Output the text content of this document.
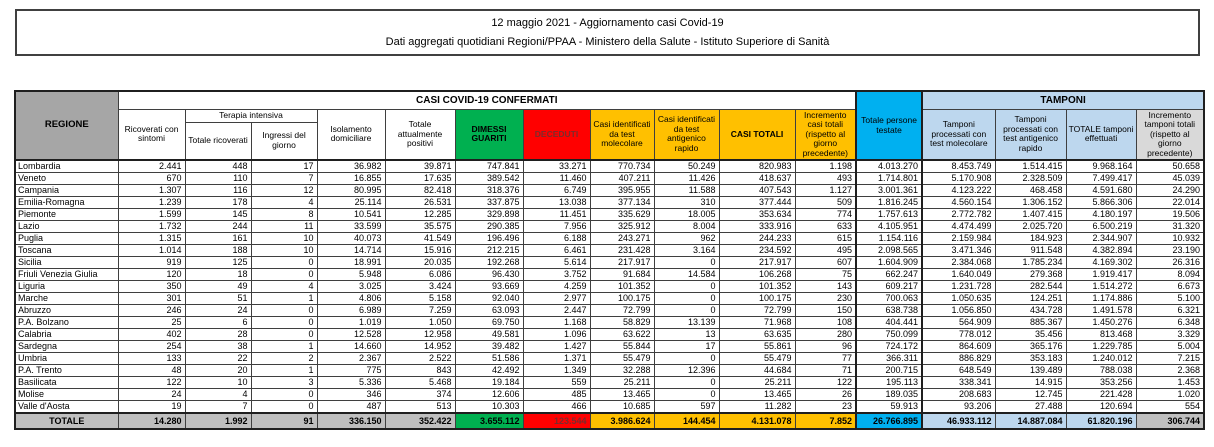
12 maggio 2021 - Aggiornamento casi Covid-19
Dati aggregati quotidiani Regioni/PPAA - Ministero della Salute - Istituto Superiore di Sanità
REGIONE	CASI COVID-19 CONFERMATI											Totale persone testate	TAMPONI			
	Ricoverati con sintomi	Terapia intensiva		Isolamento domiciliare	Totale attualmente positivi	DIMESSI GUARITI	DECEDUTI	Casi identificati da test molecolare	Casi identificati da test antigenico rapido	CASI TOTALI	Incremento casi totali (rispetto al giorno precedente)		Tamponi processati con test molecolare	Tamponi processati con test antigenico rapido	TOTALE tamponi effettuati	Incremento tamponi totali (rispetto al giorno precedente)
		Totale ricoverati	Ingressi del giorno													
Lombardia	2.441	448	17	36.982	39.871	747.841	33.271	770.734	50.249	820.983	1.198	4.013.270	8.453.749	1.514.415	9.968.164	50.658
Veneto	670	110	7	16.855	17.635	389.542	11.460	407.211	11.426	418.637	493	1.714.801	5.170.908	2.328.509	7.499.417	45.039
Campania	1.307	116	12	80.995	82.418	318.376	6.749	395.955	11.588	407.543	1.127	3.001.361	4.123.222	468.458	4.591.680	24.290
Emilia-Romagna	1.239	178	4	25.114	26.531	337.875	13.038	377.134	310	377.444	509	1.816.245	4.560.154	1.306.152	5.866.306	22.014
Piemonte	1.599	145	8	10.541	12.285	329.898	11.451	335.629	18.005	353.634	774	1.757.613	2.772.782	1.407.415	4.180.197	19.506
Lazio	1.732	244	11	33.599	35.575	290.385	7.956	325.912	8.004	333.916	633	4.105.951	4.474.499	2.025.720	6.500.219	31.320
Puglia	1.315	161	10	40.073	41.549	196.496	6.188	243.271	962	244.233	615	1.154.116	2.159.984	184.923	2.344.907	10.932
Toscana	1.014	188	10	14.714	15.916	212.215	6.461	231.428	3.164	234.592	495	2.098.565	3.471.346	911.548	4.382.894	23.190
Sicilia	919	125	0	18.991	20.035	192.268	5.614	217.917	0	217.917	607	1.604.909	2.384.068	1.785.234	4.169.302	26.316
Friuli Venezia Giulia	120	18	0	5.948	6.086	96.430	3.752	91.684	14.584	106.268	75	662.247	1.640.049	279.368	1.919.417	8.094
Liguria	350	49	4	3.025	3.424	93.669	4.259	101.352	0	101.352	143	609.217	1.231.728	282.544	1.514.272	6.673
Marche	301	51	1	4.806	5.158	92.040	2.977	100.175	0	100.175	230	700.063	1.050.635	124.251	1.174.886	5.100
Abruzzo	246	24	0	6.989	7.259	63.093	2.447	72.799	0	72.799	150	638.738	1.056.850	434.728	1.491.578	6.321
P.A. Bolzano	25	6	0	1.019	1.050	69.750	1.168	58.829	13.139	71.968	108	404.441	564.909	885.367	1.450.276	6.348
Calabria	402	28	0	12.528	12.958	49.581	1.096	63.622	13	63.635	280	750.099	778.012	35.456	813.468	3.329
Sardegna	254	38	1	14.660	14.952	39.482	1.427	55.844	17	55.861	96	724.172	864.609	365.176	1.229.785	5.004
Umbria	133	22	2	2.367	2.522	51.586	1.371	55.479	0	55.479	77	366.311	886.829	353.183	1.240.012	7.215
P.A. Trento	48	20	1	775	843	42.492	1.349	32.288	12.396	44.684	71	200.715	648.549	139.489	788.038	2.368
Basilicata	122	10	3	5.336	5.468	19.184	559	25.211	0	25.211	122	195.113	338.341	14.915	353.256	1.453
Molise	24	4	0	346	374	12.606	485	13.465	0	13.465	26	189.035	208.683	12.745	221.428	1.020
Valle d'Aosta	19	7	0	487	513	10.303	466	10.685	597	11.282	23	59.913	93.206	27.488	120.694	554
TOTALE	14.280	1.992	91	336.150	352.422	3.655.112	123.544	3.986.624	144.454	4.131.078	7.852	26.766.895	46.933.112	14.887.084	61.820.196	306.744
